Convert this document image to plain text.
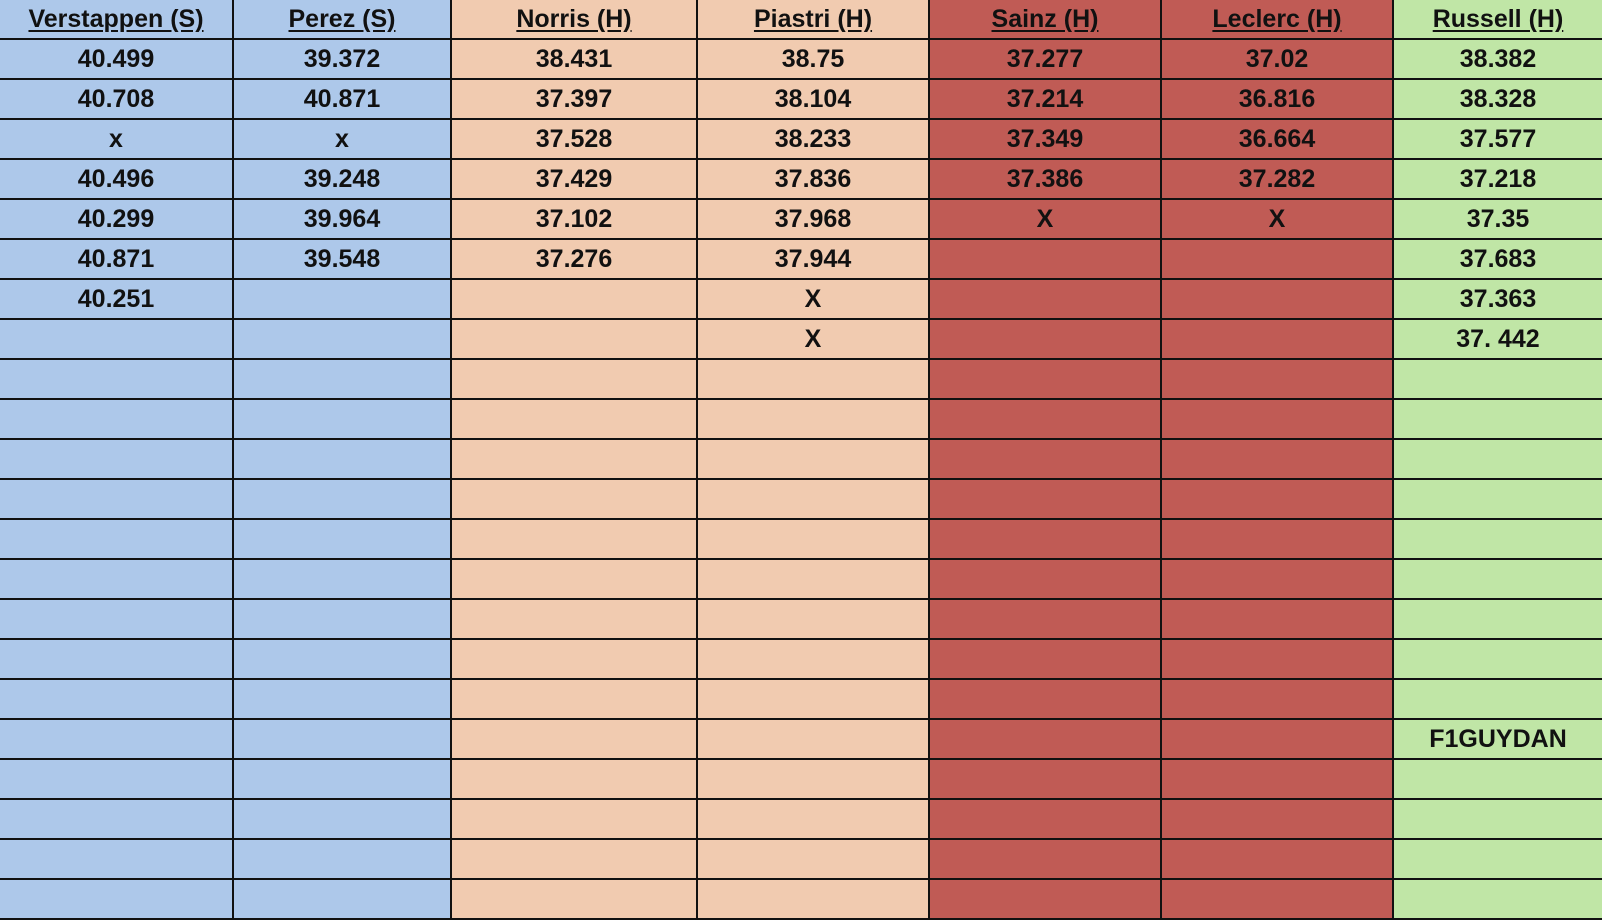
Verstappen (S)	Perez (S)	Norris (H)	Piastri (H)	Sainz (H)	Leclerc (H)	Russell (H)
40.499	39.372	38.431	38.75	37.277	37.02	38.382
40.708	40.871	37.397	38.104	37.214	36.816	38.328
x	x	37.528	38.233	37.349	36.664	37.577
40.496	39.248	37.429	37.836	37.386	37.282	37.218
40.299	39.964	37.102	37.968	X	X	37.35
40.871	39.548	37.276	37.944			37.683
40.251			X			37.363
			X			37. 442

						F1GUYDAN
